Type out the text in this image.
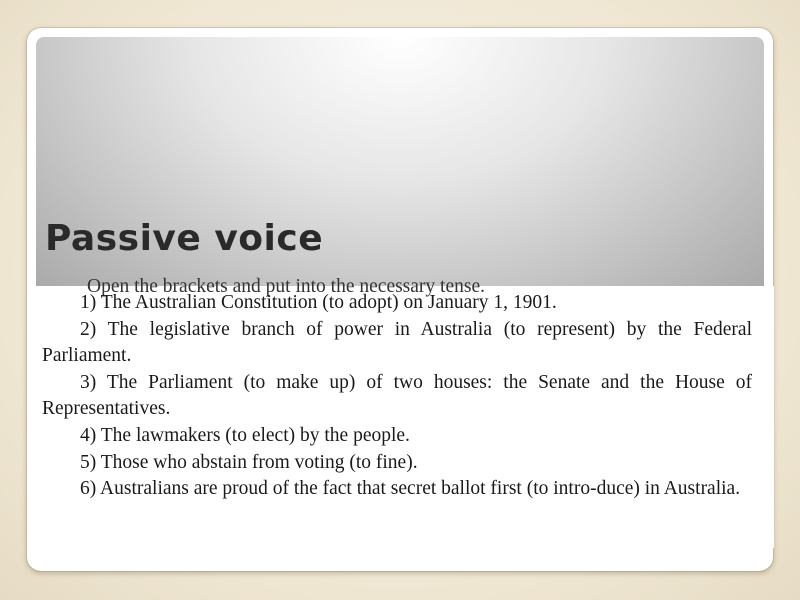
Passive voice

Open the brackets and put into the necessary tense.

1) The Australian Constitution (to adopt) on January 1, 1901.

2) The legislative branch of power in Australia (to represent) by the Federal Parliament.

3) The Parliament (to make up) of two houses: the Senate and the House of Representatives.

4) The lawmakers (to elect) by the people.

5) Those who abstain from voting (to fine).

6) Australians are proud of the fact that secret ballot first (to intro-duce) in Australia.
